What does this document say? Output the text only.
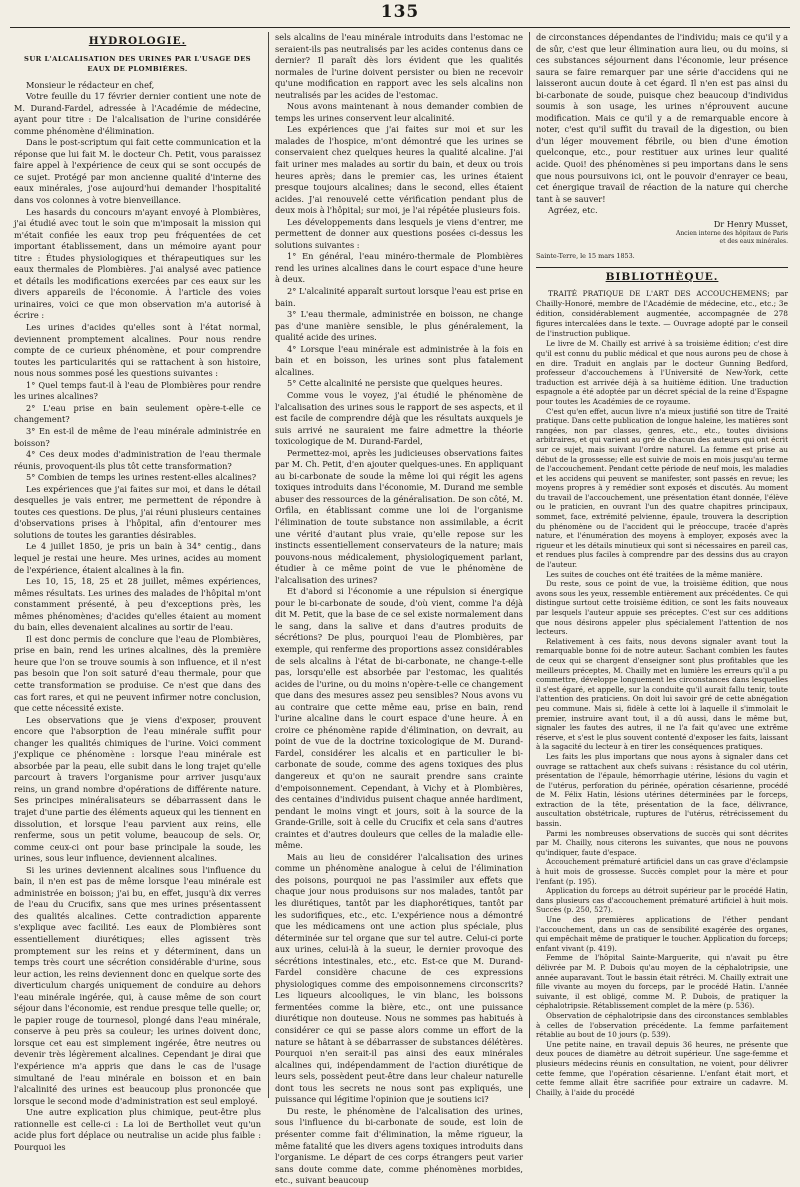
135
HYDROLOGIE.
SUR L'ALCALISATION DES URINES PAR L'USAGE DES EAUX DE PLOMBIÈRES.

Monsieur le rédacteur en chef,

Votre feuille du 17 février dernier contient une note de M. Durand-Fardel, adressée à l'Académie de médecine, ayant pour titre : De l'alcalisation de l'urine considérée comme phénomène d'élimination.

Dans le post-scriptum qui fait cette communication et la réponse que lui fait M. le docteur Ch. Petit, vous paraissez faire appel à l'expérience de ceux qui se sont occupés de ce sujet. Protégé par mon ancienne qualité d'interne des eaux minérales, j'ose aujourd'hui demander l'hospitalité dans vos colonnes à votre bienveillance.

Les hasards du concours m'ayant envoyé à Plombières, j'ai étudié avec tout le soin que m'imposait la mission qui m'était confiée les eaux trop peu fréquentées de cet important établissement, dans un mémoire ayant pour titre : Études physiologiques et thérapeutiques sur les eaux thermales de Plombières. J'ai analysé avec patience et détails les modifications exercées par ces eaux sur les divers appareils de l'économie. À l'article des voies urinaires, voici ce que mon observation m'a autorisé à écrire :

Les urines d'acides qu'elles sont à l'état normal, deviennent promptement alcalines. Pour nous rendre compte de ce curieux phénomène, et pour comprendre toutes les particularités qui se rattachent à son histoire, nous nous sommes posé les questions suivantes :

1° Quel temps faut-il à l'eau de Plombières pour rendre les urines alcalines?

2° L'eau prise en bain seulement opère-t-elle ce changement?

3° En est-il de même de l'eau minérale administrée en boisson?

4° Ces deux modes d'administration de l'eau thermale réunis, provoquent-ils plus tôt cette transformation?

5° Combien de temps les urines restent-elles alcalines?

Les expériences que j'ai faites sur moi, et dans le détail desquelles je vais entrer, me permettent de répondre à toutes ces questions. De plus, j'ai réuni plusieurs centaines d'observations prises à l'hôpital, afin d'entourer mes solutions de toutes les garanties désirables.

Le 4 juillet 1850, je pris un bain à 34° centig., dans lequel je restai une heure. Mes urines, acides au moment de l'expérience, étaient alcalines à la fin.

Les 10, 15, 18, 25 et 28 juillet, mêmes expériences, mêmes résultats. Les urines des malades de l'hôpital m'ont constamment présenté, à peu d'exceptions près, les mêmes phénomènes; d'acides qu'elles étaient au moment du bain, elles devenaient alcalines au sortir de l'eau.

Il est donc permis de conclure que l'eau de Plombières, prise en bain, rend les urines alcalines, dès la première heure que l'on se trouve soumis à son influence, et il n'est pas besoin que l'on soit saturé d'eau thermale, pour que cette transformation se produise. Ce n'est que dans des cas fort rares, et qui ne peuvent infirmer notre conclusion, que cette nécessité existe.

Les observations que je viens d'exposer, prouvent encore que l'absorption de l'eau minérale suffit pour changer les qualités chimiques de l'urine. Voici comment j'explique ce phénomène : lorsque l'eau minérale est absorbée par la peau, elle subit dans le long trajet qu'elle parcourt à travers l'organisme pour arriver jusqu'aux reins, un grand nombre d'opérations de différente nature. Ses principes minéralisateurs se débarrassent dans le trajet d'une partie des éléments aqueux qui les tiennent en dissolution, et lorsque l'eau parvient aux reins, elle renferme, sous un petit volume, beaucoup de sels. Or, comme ceux-ci ont pour base principale la soude, les urines, sous leur influence, deviennent alcalines.

Si les urines deviennent alcalines sous l'influence du bain, il n'en est pas de même lorsque l'eau minérale est administrée en boisson; j'ai bu, en effet, jusqu'à dix verres de l'eau du Crucifix, sans que mes urines présentassent des qualités alcalines. Cette contradiction apparente s'explique avec facilité. Les eaux de Plombières sont essentiellement diurétiques; elles agissent très promptement sur les reins et y déterminent, dans un temps très court une sécrétion considérable d'urine, sous leur action, les reins deviennent donc en quelque sorte des diverticulum chargés uniquement de conduire au dehors l'eau minérale ingérée, qui, à cause même de son court séjour dans l'économie, est rendue presque telle quelle; or, le papier rouge de tournesol, plongé dans l'eau minérale, conserve à peu près sa couleur; les urines doivent donc, lorsque cet eau est simplement ingérée, être neutres ou devenir très légèrement alcalines. Cependant je dirai que l'expérience m'a appris que dans le cas de l'usage simultané de l'eau minérale en boisson et en bain l'alcalinité des urines est beaucoup plus prononcée que lorsque le second mode d'administration est seul employé.

Une autre explication plus chimique, peut-être plus rationnelle est celle-ci : La loi de Berthollet veut qu'un acide plus fort déplace ou neutralise un acide plus faible : Pourquoi les

sels alcalins de l'eau minérale introduits dans l'estomac ne seraient-ils pas neutralisés par les acides contenus dans ce dernier? Il paraît dès lors évident que les qualités normales de l'urine doivent persister ou bien ne recevoir qu'une modification en rapport avec les sels alcalins non neutralisés par les acides de l'estomac.

Nous avons maintenant à nous demander combien de temps les urines conservent leur alcalinité.

Les expériences que j'ai faites sur moi et sur les malades de l'hospice, m'ont démontré que les urines se conservaient chez quelques heures la qualité alcaline. J'ai fait uriner mes malades au sortir du bain, et deux ou trois heures après; dans le premier cas, les urines étaient presque toujours alcalines; dans le second, elles étaient acides. J'ai renouvelé cette vérification pendant plus de deux mois à l'hôpital; sur moi, je l'ai répétée plusieurs fois.

Les développements dans lesquels je viens d'entrer, me permettent de donner aux questions posées ci-dessus les solutions suivantes :

1° En général, l'eau minéro-thermale de Plombières rend les urines alcalines dans le court espace d'une heure à deux.

2° L'alcalinité apparaît surtout lorsque l'eau est prise en bain.

3° L'eau thermale, administrée en boisson, ne change pas d'une manière sensible, le plus généralement, la qualité acide des urines.

4° Lorsque l'eau minérale est administrée à la fois en bain et en boisson, les urines sont plus fatalement alcalines.

5° Cette alcalinité ne persiste que quelques heures.

Comme vous le voyez, j'ai étudié le phénomène de l'alcalisation des urines sous le rapport de ses aspects, et il est facile de comprendre déjà que les résultats auxquels je suis arrivé ne sauraient me faire admettre la théorie toxicologique de M. Durand-Fardel,

Permettez-moi, après les judicieuses observations faites par M. Ch. Petit, d'en ajouter quelques-unes. En appliquant au bi-carbonate de soude la même loi qui régit les agens toxiques introduits dans l'économie, M. Durand me semble abuser des ressources de la généralisation. De son côté, M. Orfila, en établissant comme une loi de l'organisme l'élimination de toute substance non assimilable, a écrit une vérité d'autant plus vraie, qu'elle repose sur les instincts essentiellement conservateurs de la nature; mais pouvons-nous médicalement, physiologiquement parlant, étudier à ce même point de vue le phénomène de l'alcalisation des urines?

Et d'abord si l'économie a une répulsion si énergique pour le bi-carbonate de soude, d'où vient, comme l'a déjà dit M. Petit, que la base de ce sel existe normalement dans le sang, dans la salive et dans d'autres produits de sécrétions? De plus, pourquoi l'eau de Plombières, par exemple, qui renferme des proportions assez considérables de sels alcalins à l'état de bi-carbonate, ne change-t-elle pas, lorsqu'elle est absorbée par l'estomac, les qualités acides de l'urine, ou du moins n'opère-t-elle ce changement que dans des mesures assez peu sensibles? Nous avons vu au contraire que cette même eau, prise en bain, rend l'urine alcaline dans le court espace d'une heure. À en croire ce phénomène rapide d'élimination, on devrait, au point de vue de la doctrine toxicologique de M. Durand-Fardel, considérer les alcalis et en particulier le bi-carbonate de soude, comme des agens toxiques des plus dangereux et qu'on ne saurait prendre sans crainte d'empoisonnement. Cependant, à Vichy et à Plombières, des centaines d'individus puisent chaque année hardiment, pendant le moins vingt et jours, soit à la source de la Grande-Grille, soit à celle du Crucifix et cela sans d'autres craintes et d'autres douleurs que celles de la maladie elle-même.

Mais au lieu de considérer l'alcalisation des urines comme un phénomène analogue à celui de l'élimination des poisons, pourquoi ne pas l'assimiler aux effets que chaque jour nous produisons sur nos malades, tantôt par les diurétiques, tantôt par les diaphorétiques, tantôt par les sudorifiques, etc., etc. L'expérience nous a démontré que les médicamens ont une action plus spéciale, plus déterminée sur tel organe que sur tel autre. Celui-ci porte aux urines, celui-là à la sueur, le dernier provoque des sécrétions intestinales, etc., etc. Est-ce que M. Durand-Fardel considère chacune de ces expressions physiologiques comme des empoisonnemens circonscrits? Les liqueurs alcooliques, le vin blanc, les boissons fermentées comme la bière, etc., ont une puissance diurétique non douteuse. Nous ne sommes pas habitués à considérer ce qui se passe alors comme un effort de la nature se hâtant à se débarrasser de substances délétères. Pourquoi n'en serait-il pas ainsi des eaux minérales alcalines qui, indépendamment de l'action diurétique de leurs sels, possèdent peut-être dans leur chaleur naturelle dont tous les secrets ne nous sont pas expliqués, une puissance qui légitime l'opinion que je soutiens ici?

Du reste, le phénomène de l'alcalisation des urines, sous l'influence du bi-carbonate de soude, est loin de présenter comme fait d'élimination, la même rigueur, la même fatalité que les divers agens toxiques introduits dans l'organisme. Le départ de ces corps étrangers peut varier sans doute comme date, comme phénomènes morbides, etc., suivant beaucoup

de circonstances dépendantes de l'individu; mais ce qu'il y a de sûr, c'est que leur élimination aura lieu, ou du moins, si ces substances séjournent dans l'économie, leur présence saura se faire remarquer par une série d'accidens qui ne laisseront aucun doute à cet égard. Il n'en est pas ainsi du bi-carbonate de soude, puisque chez beaucoup d'individus soumis à son usage, les urines n'éprouvent aucune modification. Mais ce qu'il y a de remarquable encore à noter, c'est qu'il suffit du travail de la digestion, ou bien d'un léger mouvement fébrile, ou bien d'une émotion quelconque, etc., pour restituer aux urines leur qualité acide. Quoi! des phénomènes si peu importans dans le sens que nous poursuivons ici, ont le pouvoir d'enrayer ce beau, cet énergique travail de réaction de la nature qui cherche tant à se sauver!

Agréez, etc.

Dr Henry Musset,
Ancien interne des hôpitaux de Paris
et des eaux minérales.
Sainte-Terre, le 15 mars 1853.
BIBLIOTHÈQUE.

TRAITÉ PRATIQUE DE L'ART DES ACCOUCHEMENS; par Chailly-Honoré, membre de l'Académie de médecine, etc., etc.; 3e édition, considérablement augmentée, accompagnée de 278 figures intercalées dans le texte. — Ouvrage adopté par le conseil de l'instruction publique.

Le livre de M. Chailly est arrivé à sa troisième édition; c'est dire qu'il est connu du public médical et que nous aurons peu de chose à en dire. Traduit en anglais par le docteur Gunning Bedford, professeur d'accouchemens à l'Université de New-York, cette traduction est arrivée déjà à sa huitième édition. Une traduction espagnole a été adoptée par un décret spécial de la reine d'Espagne pour toutes les Académies de ce royaume.

C'est qu'en effet, aucun livre n'a mieux justifié son titre de Traité pratique. Dans cette publication de longue haleine, les matières sont rangées, non par classes, genres, etc., etc., toutes divisions arbitraires, et qui varient au gré de chacun des auteurs qui ont écrit sur ce sujet, mais suivant l'ordre naturel. La femme est prise au début de la grossesse; elle est suivie de mois en mois jusqu'au terme de l'accouchement. Pendant cette période de neuf mois, les maladies et les accidens qui peuvent se manifester, sont passés en revue; les moyens propres à y remédier sont exposés et discutés. Au moment du travail de l'accouchement, une présentation étant donnée, l'élève ou le praticien, en ouvrant l'un des quatre chapitres principaux, sommet, face, extrémité pelvienne, épaule, trouvera la description du phénomène ou de l'accident qui le préoccupe, tracée d'après nature, et l'énumération des moyens à employer, exposés avec la rigueur et les détails minutieux qui sont si nécessaires en pareil cas, et rendues plus faciles à comprendre par des dessins dus au crayon de l'auteur.

Les suites de couches ont été traitées de la même manière.

Du reste, sous ce point de vue, la troisième édition, que nous avons sous les yeux, ressemble entièrement aux précédentes. Ce qui distingue surtout cette troisième édition, ce sont les faits nouveaux par lesquels l'auteur appuie ses préceptes. C'est sur ces additions que nous désirons appeler plus spécialement l'attention de nos lecteurs.

Relativement à ces faits, nous devons signaler avant tout la remarquable bonne foi de notre auteur. Sachant combien les fautes de ceux qui se chargent d'enseigner sont plus profitables que les meilleurs préceptes, M. Chailly met en lumière les erreurs qu'il a pu commettre, développe longuement les circonstances dans lesquelles il s'est égaré, et appelle, sur la conduite qu'il aurait fallu tenir, toute l'attention des praticiens. On doit lui savoir gré de cette abnégation peu commune. Mais si, fidèle à cette loi à laquelle il s'immolait le premier, instruire avant tout, il a dû aussi, dans le même but, signaler les fautes des autres, il ne l'a fait qu'avec une extrême réserve, et s'est le plus souvent contenté d'exposer les faits, laissant à la sagacité du lecteur à en tirer les conséquences pratiques.

Les faits les plus importans que nous ayons à signaler dans cet ouvrage se rattachent aux chefs suivans : résistance du col utérin, présentation de l'épaule, hémorrhagie utérine, lésions du vagin et de l'utérus, perforation du périnée, opération césarienne, procédé de M. Félix Hatin, lésions utérines déterminées par le forceps, extraction de la tête, présentation de la face, délivrance, auscultation obstétricale, ruptures de l'utérus, rétrécissement du bassin.

Parmi les nombreuses observations de succès qui sont décrites par M. Chailly, nous citerons les suivantes, que nous ne pouvons qu'indiquer, faute d'espace.

Accouchement prématuré artificiel dans un cas grave d'éclampsie à huit mois de grossesse. Succès complet pour la mère et pour l'enfant (p. 195).

Application du forceps au détroit supérieur par le procédé Hatin, dans plusieurs cas d'accouchement prématuré artificiel à huit mois. Succès (p. 250, 527).

Une des premières applications de l'éther pendant l'accouchement, dans un cas de sensibilité exagérée des organes, qui empêchait même de pratiquer le toucher. Application du forceps; enfant vivant (p. 419).

Femme de l'hôpital Sainte-Marguerite, qui n'avait pu être délivrée par M. P. Dubois qu'au moyen de la céphalotripsie, une année auparavant. Tout le bassin était rétréci. M. Chailly extrait une fille vivante au moyen du forceps, par le procédé Hatin. L'année suivante, il est obligé, comme M. P. Dubois, de pratiquer la céphalotripsie. Rétablissement complet de la mère (p. 536).

Observation de céphalotripsie dans des circonstances semblables à celles de l'observation précédente. La femme parfaitement rétablie au bout de 10 jours (p. 539).

Une petite naine, en travail depuis 36 heures, ne présente que deux pouces de diamètre au détroit supérieur. Une sage-femme et plusieurs médecins réunis en consultation, ne voient, pour délivrer cette femme, que l'opération césarienne. L'enfant était mort, et cette femme allait être sacrifiée pour extraire un cadavre. M. Chailly, à l'aide du procédé
